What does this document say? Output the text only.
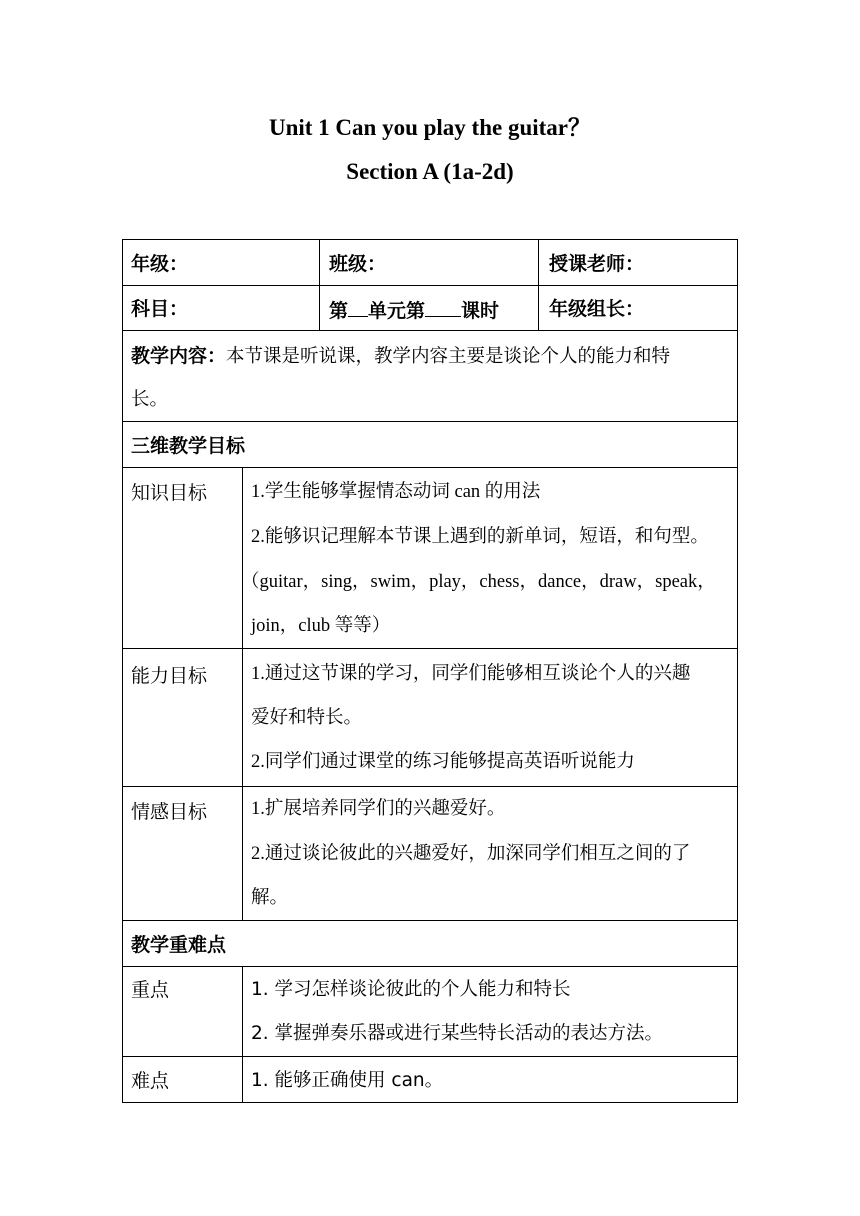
Unit 1 Can you play the guitar？
Section A (1a-2d)
年级：	班级：	授课老师：
科目：	第 单元第 课时	年级组长：
教学内容：本节课是听说课，教学内容主要是谈论个人的能力和特
长。
三维教学目标
知识目标 1.学生能够掌握情态动词 can 的用法
2.能够识记理解本节课上遇到的新单词，短语，和句型。
（guitar，sing，swim，play，chess，dance，draw，speak，
join，club 等等）
能力目标 1.通过这节课的学习，同学们能够相互谈论个人的兴趣
爱好和特长。
2.同学们通过课堂的练习能够提高英语听说能力
情感目标 1.扩展培养同学们的兴趣爱好。
2.通过谈论彼此的兴趣爱好，加深同学们相互之间的了
解。
教学重难点
重点	1. 学习怎样谈论彼此的个人能力和特长
2. 掌握弹奏乐器或进行某些特长活动的表达方法。
难点	1. 能够正确使用 can。
